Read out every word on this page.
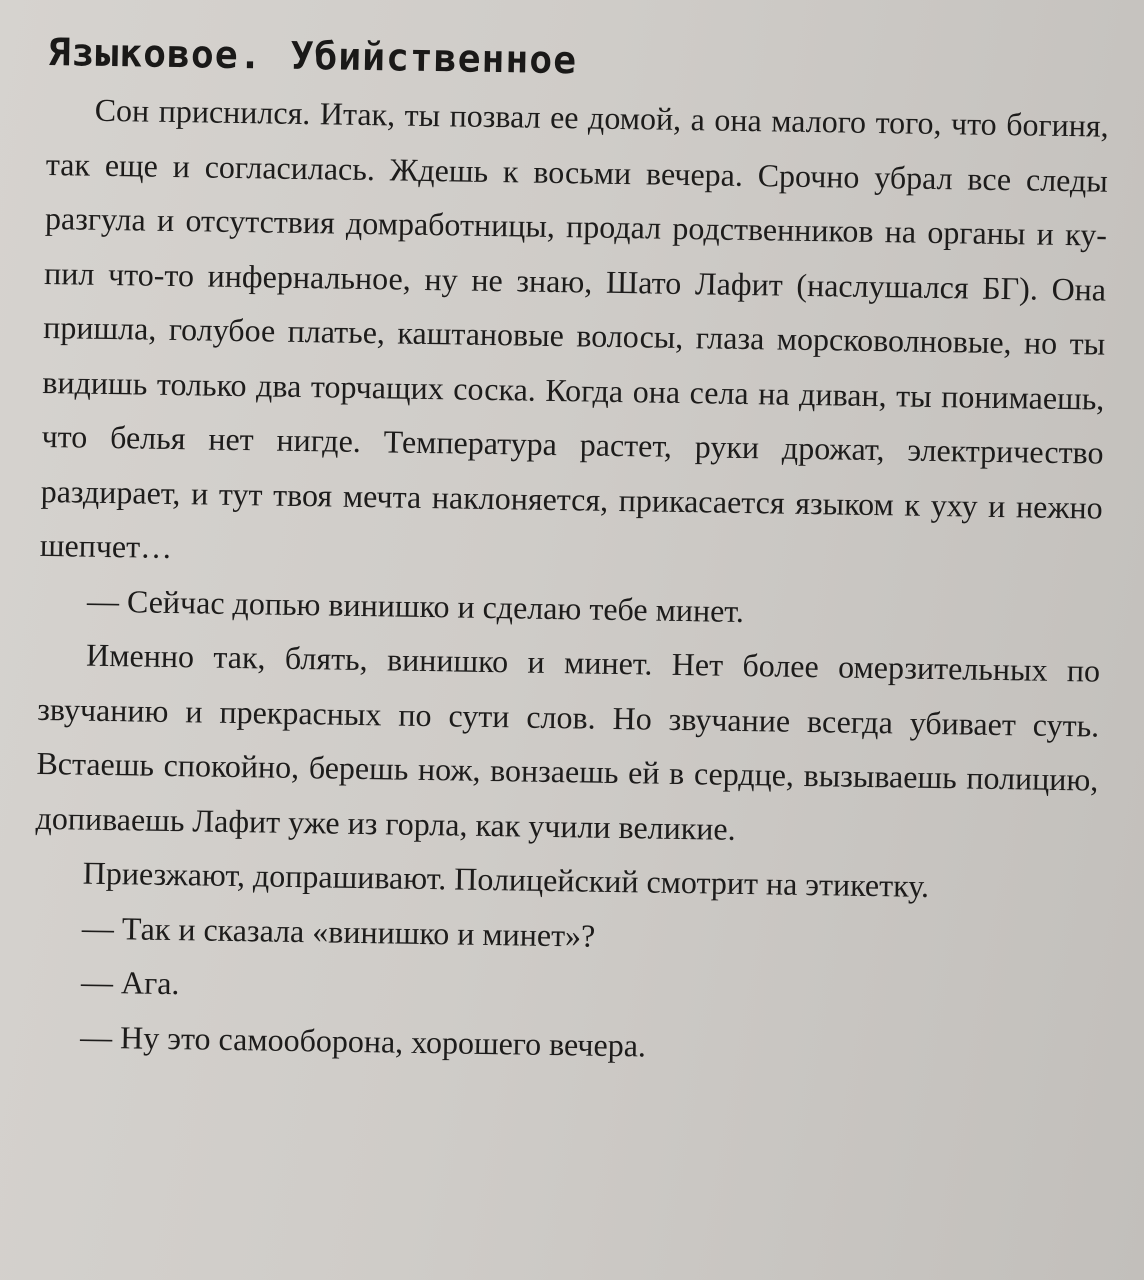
Языковое. Убийственное

Сон приснился. Итак, ты позвал ее домой, а она малого того, что богиня, так еще и согласилась. Ждешь к восьми вечера. Срочно убрал все следы разгула и отсутствия домработницы, продал родственников на органы и купил что-то инфернальное, ну не знаю, Шато Лафит (наслушался БГ). Она пришла, голубое платье, каштановые волосы, глаза морсковолновые, но ты видишь только два торчащих соска. Когда она села на диван, ты понимаешь, что белья нет нигде. Температура растет, руки дрожат, электричество раздирает, и тут твоя мечта наклоняется, прикасается языком к уху и нежно шепчет…

— Сейчас допью винишко и сделаю тебе минет.

Именно так, блять, винишко и минет. Нет более омерзительных по звучанию и прекрасных по сути слов. Но звучание всегда убивает суть. Встаешь спокойно, берешь нож, вонзаешь ей в сердце, вызываешь полицию, допиваешь Лафит уже из горла, как учили великие.

Приезжают, допрашивают. Полицейский смотрит на этикетку.

— Так и сказала «винишко и минет»?

— Ага.

— Ну это самооборона, хорошего вечера.
